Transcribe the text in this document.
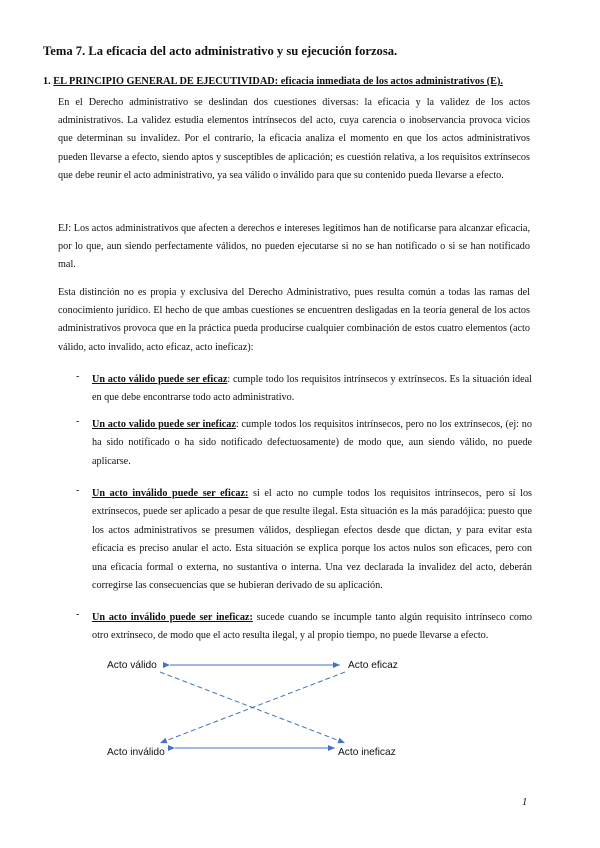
Tema 7. La eficacia del acto administrativo y su ejecución forzosa.
1. EL PRINCIPIO GENERAL DE EJECUTIVIDAD: eficacia inmediata de los actos administrativos (E).

En el Derecho administrativo se deslindan dos cuestiones diversas: la eficacia y la validez de los actos administrativos. La validez estudia elementos intrínsecos del acto, cuya carencia o inobservancia provoca vicios que determinan su invalidez. Por el contrario, la eficacia analiza el momento en que los actos administrativos pueden llevarse a efecto, siendo aptos y susceptibles de aplicación; es cuestión relativa, a los requisitos extrínsecos que debe reunir el acto administrativo, ya sea válido o inválido para que su contenido pueda llevarse a efecto.

EJ: Los actos administrativos que afecten a derechos e intereses legítimos han de notificarse para alcanzar eficacia, por lo que, aun siendo perfectamente válidos, no pueden ejecutarse si no se han notificado o si se han notificado mal.

Esta distinción no es propia y exclusiva del Derecho Administrativo, pues resulta común a todas las ramas del conocimiento jurídico. El hecho de que ambas cuestiones se encuentren desligadas en la teoría general de los actos administrativos provoca que en la práctica pueda producirse cualquier combinación de estos cuatro elementos (acto válido, acto invalido, acto eficaz, acto ineficaz):

- Un acto válido puede ser eficaz: cumple todo los requisitos intrínsecos y extrínsecos. Es la situación ideal en que debe encontrarse todo acto administrativo.

- Un acto valido puede ser ineficaz: cumple todos los requisitos intrínsecos, pero no los extrínsecos, (ej: no ha sido notificado o ha sido notificado defectuosamente) de modo que, aun siendo válido, no puede aplicarse.

- Un acto inválido puede ser eficaz: si el acto no cumple todos los requisitos intrínsecos, pero sí los extrínsecos, puede ser aplicado a pesar de que resulte ilegal. Esta situación es la más paradójica: puesto que los actos administrativos se presumen válidos, despliegan efectos desde que dictan, y para evitar esta eficacia es preciso anular el acto. Esta situación se explica porque los actos nulos son eficaces, pero con una eficacia formal o externa, no sustantiva o interna. Una vez declarada la invalidez del acto, deberán corregirse las consecuencias que se hubieran derivado de su aplicación.

- Un acto inválido puede ser ineficaz: sucede cuando se incumple tanto algún requisito intrínseco como otro extrínseco, de modo que el acto resulta ilegal, y al propio tiempo, no puede llevarse a efecto.

Acto válido	Acto eficaz
Acto inválido	Acto ineficaz
1
